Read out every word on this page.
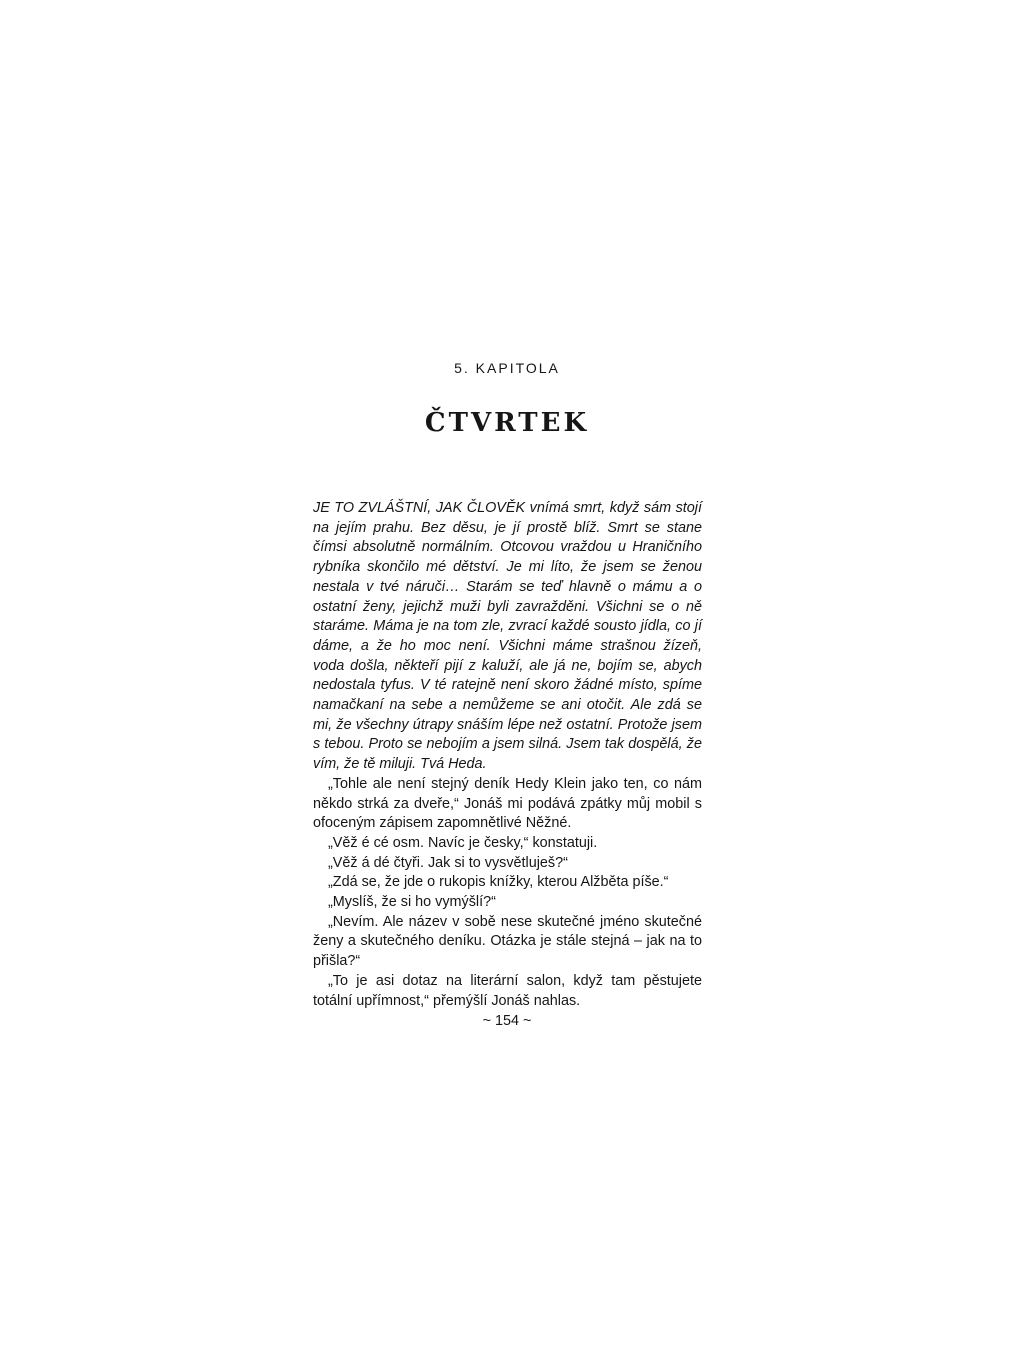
5. KAPITOLA
ČTVRTEK

JE TO ZVLÁŠTNÍ, JAK ČLOVĚK vnímá smrt, když sám stojí na jejím prahu. Bez děsu, je jí prostě blíž. Smrt se stane čímsi absolutně normálním. Otcovou vraždou u Hraničního rybníka skončilo mé dětství. Je mi líto, že jsem se ženou nestala v tvé náruči… Starám se teď hlavně o mámu a o ostatní ženy, jejichž muži byli zavražděni. Všichni se o ně staráme. Máma je na tom zle, zvrací každé sousto jídla, co jí dáme, a že ho moc není. Všichni máme strašnou žízeň, voda došla, někteří pijí z kaluží, ale já ne, bojím se, abych nedostala tyfus. V té ratejně není skoro žádné místo, spíme namačkaní na sebe a nemůžeme se ani otočit. Ale zdá se mi, že všechny útrapy snáším lépe než ostatní. Protože jsem s tebou. Proto se nebojím a jsem silná. Jsem tak dospělá, že vím, že tě miluji. Tvá Heda.

„Tohle ale není stejný deník Hedy Klein jako ten, co nám někdo strká za dveře,“ Jonáš mi podává zpátky můj mobil s ofoceným zápisem zapomnětlivé Něžné.

„Věž é cé osm. Navíc je česky,“ konstatuji.

„Věž á dé čtyři. Jak si to vysvětluješ?“

„Zdá se, že jde o rukopis knížky, kterou Alžběta píše.“

„Myslíš, že si ho vymýšlí?“

„Nevím. Ale název v sobě nese skutečné jméno skutečné ženy a skutečného deníku. Otázka je stále stejná – jak na to přišla?“

„To je asi dotaz na literární salon, když tam pěstujete totální upřímnost,“ přemýšlí Jonáš nahlas.

~ 154 ~
